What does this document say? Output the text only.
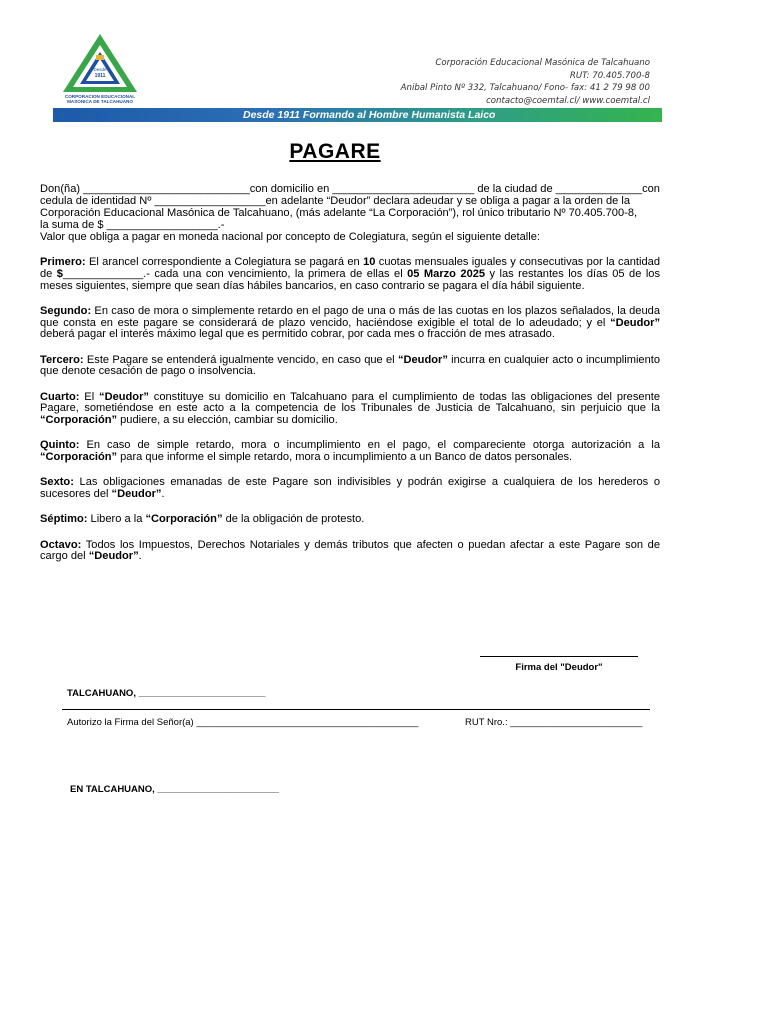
Desde
1911
CORPORACION EDUCACIONAL
MASONICA DE TALCAHUANO
Corporación Educacional Masónica de Talcahuano
RUT: 70.405.700-8
Anibal Pinto Nº 332, Talcahuano/ Fono- fax: 41 2 79 98 00
contacto@coemtal.cl/ www.coemtal.cl
Desde 1911 Formando al Hombre Humanista Laico
PAGARE

Don(ña) ___________________________con domicilio en _______________________ de la ciudad de ______________con
cedula de identidad Nº __________________en adelante “Deudor” declara adeudar y se obliga a pagar a la orden de la
Corporación Educacional Masónica de Talcahuano, (más adelante “La Corporación”), rol único tributario Nº 70.405.700-8,
la suma de $ __________________.-
Valor que obliga a pagar en moneda nacional por concepto de Colegiatura, según el siguiente detalle:

Primero: El arancel correspondiente a Colegiatura se pagará en 10 cuotas mensuales iguales y consecutivas por la cantidad de $_____________.- cada una con vencimiento, la primera de ellas el 05 Marzo 2025 y las restantes los días 05 de los meses siguientes, siempre que sean días hábiles bancarios, en caso contrario se pagara el día hábil siguiente.

Segundo: En caso de mora o simplemente retardo en el pago de una o más de las cuotas en los plazos señalados, la deuda que consta en este pagare se considerará de plazo vencido, haciéndose exigible el total de lo adeudado; y el “Deudor” deberá pagar el interés máximo legal que es permitido cobrar, por cada mes o fracción de mes atrasado.

Tercero: Este Pagare se entenderá igualmente vencido, en caso que el “Deudor” incurra en cualquier acto o incumplimiento que denote cesación de pago o insolvencia.

Cuarto: El “Deudor” constituye su domicilio en Talcahuano para el cumplimiento de todas las obligaciones del presente Pagare, sometiéndose en este acto a la competencia de los Tribunales de Justicia de Talcahuano, sin perjuicio que la “Corporación” pudiere, a su elección, cambiar su domicilio.

Quinto: En caso de simple retardo, mora o incumplimiento en el pago, el compareciente otorga autorización a la “Corporación” para que informe el simple retardo, mora o incumplimiento a un Banco de datos personales.

Sexto: Las obligaciones emanadas de este Pagare son indivisibles y podrán exigirse a cualquiera de los herederos o sucesores del “Deudor”.

Séptimo: Libero a la “Corporación” de la obligación de protesto.

Octavo: Todos los Impuestos, Derechos Notariales y demás tributos que afecten o puedan afectar a este Pagare son de cargo del “Deudor”.

Firma del "Deudor"
TALCAHUANO, ________________________
Autorizo la Firma del Señor(a) __________________________________________	RUT Nro.: _________________________
EN TALCAHUANO, _______________________
